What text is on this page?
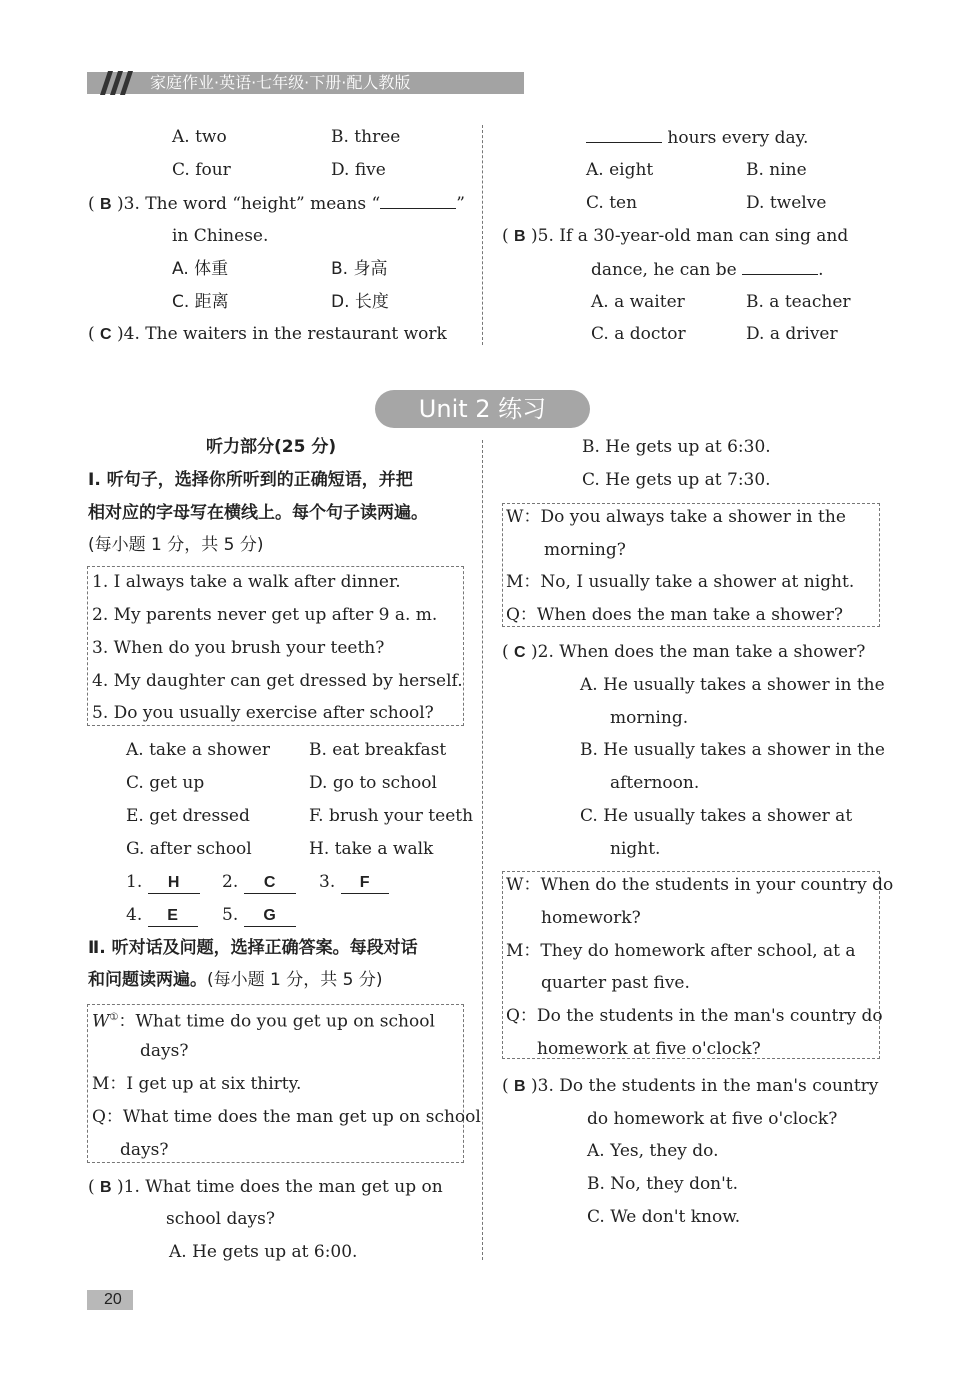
家庭作业·英语·七年级·下册·配人教版
A. two	B. three
C. four	D. five
( B )3. The word “height” means “	”
in Chinese.
A. 体重	B. 身高
C. 距离	D. 长度
( C )4. The waiters in the restaurant work
hours every day.
A. eight	B. nine
C. ten	D. twelve
( B )5. If a 30-year-old man can sing and
dance, he can be	.
A. a waiter	B. a teacher
C. a doctor	D. a driver
Unit 2 练习
听力部分(25 分)
Ⅰ. 听句子，选择你所听到的正确短语，并把
相对应的字母写在横线上。每个句子读两遍。
(每小题 1 分，共 5 分)
1. I always take a walk after dinner.
2. My parents never get up after 9 a. m.
3. When do you brush your teeth?
4. My daughter can get dressed by herself.
5. Do you usually exercise after school?
A. take a shower B. eat breakfast
C. get up	D. go to school
E. get dressed	F. brush your teeth
G. after school	H. take a walk
1. H	2. C	3. F
4. E	5. G
Ⅱ. 听对话及问题，选择正确答案。每段对话
和问题读两遍。(每小题 1 分，共 5 分)
W①：What time do you get up on school
days?
M：I get up at six thirty.
Q：What time does the man get up on school
days?
( B )1. What time does the man get up on
school days?
A. He gets up at 6:00.
B. He gets up at 6:30.
C. He gets up at 7:30.
W：Do you always take a shower in the
morning?
M：No, I usually take a shower at night.
Q：When does the man take a shower?
( C )2. When does the man take a shower?
A. He usually takes a shower in the
morning.
B. He usually takes a shower in the
afternoon.
C. He usually takes a shower at
night.
W：When do the students in your country do
homework?
M：They do homework after school, at a
quarter past five.
Q：Do the students in the man's country do
homework at five o'clock?
( B )3. Do the students in the man's country
do homework at five o'clock?
A. Yes, they do.
B. No, they don't.
C. We don't know.
20
